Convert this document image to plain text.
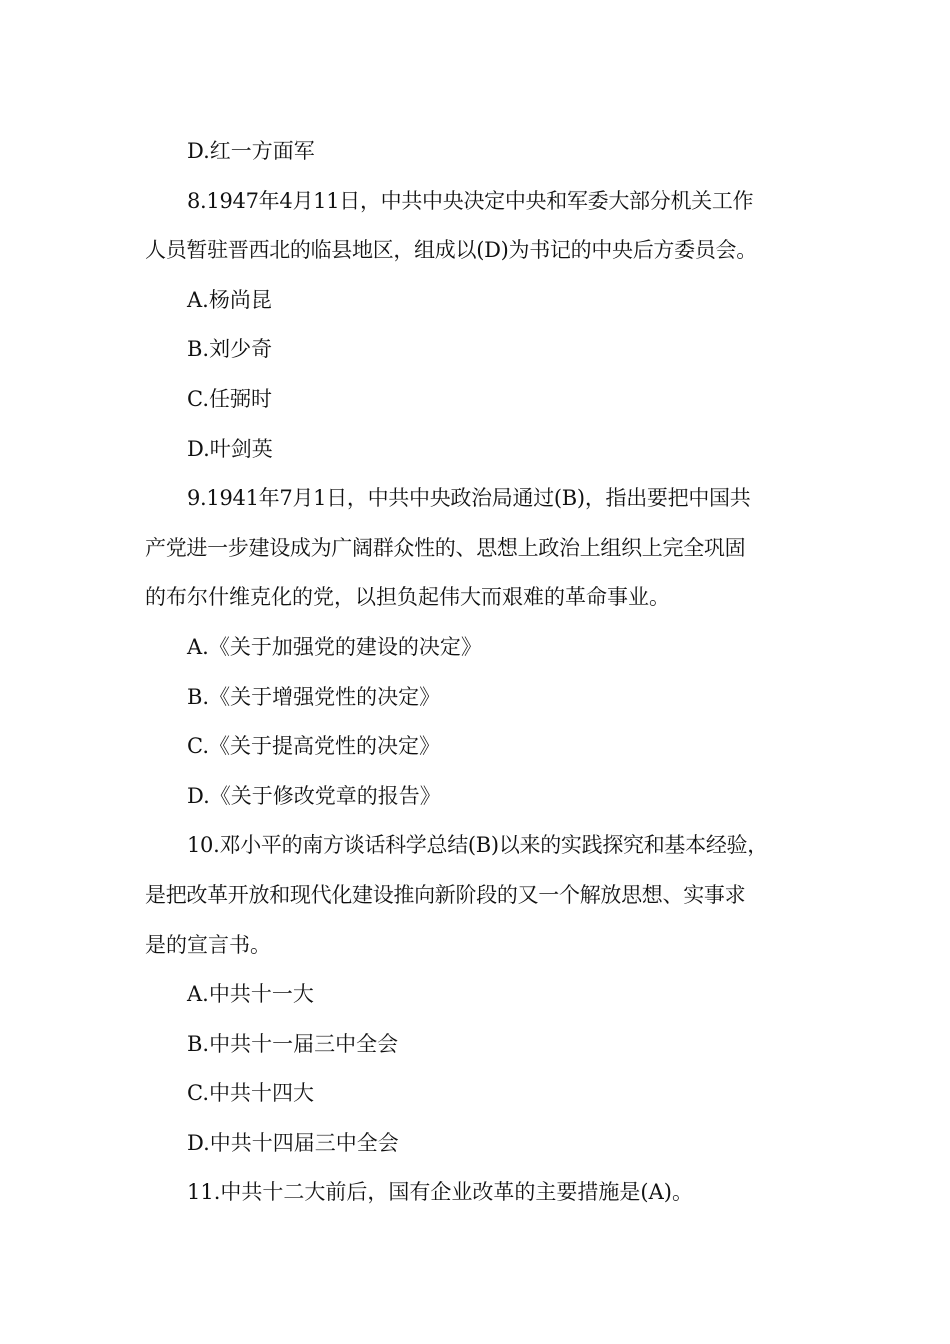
D.红一方面军
8.1947年4月11日，中共中央决定中央和军委大部分机关工作
人员暂驻晋西北的临县地区，组成以(D)为书记的中央后方委员会。
A.杨尚昆
B.刘少奇
C.任弼时
D.叶剑英
9.1941年7月1日，中共中央政治局通过(B)，指出要把中国共
产党进一步建设成为广阔群众性的、思想上政治上组织上完全巩固
的布尔什维克化的党，以担负起伟大而艰难的革命事业。
A.《关于加强党的建设的决定》
B.《关于增强党性的决定》
C.《关于提高党性的决定》
D.《关于修改党章的报告》
10.邓小平的南方谈话科学总结(B)以来的实践探究和基本经验，
是把改革开放和现代化建设推向新阶段的又一个解放思想、实事求
是的宣言书。
A.中共十一大
B.中共十一届三中全会
C.中共十四大
D.中共十四届三中全会
11.中共十二大前后，国有企业改革的主要措施是(A)。
